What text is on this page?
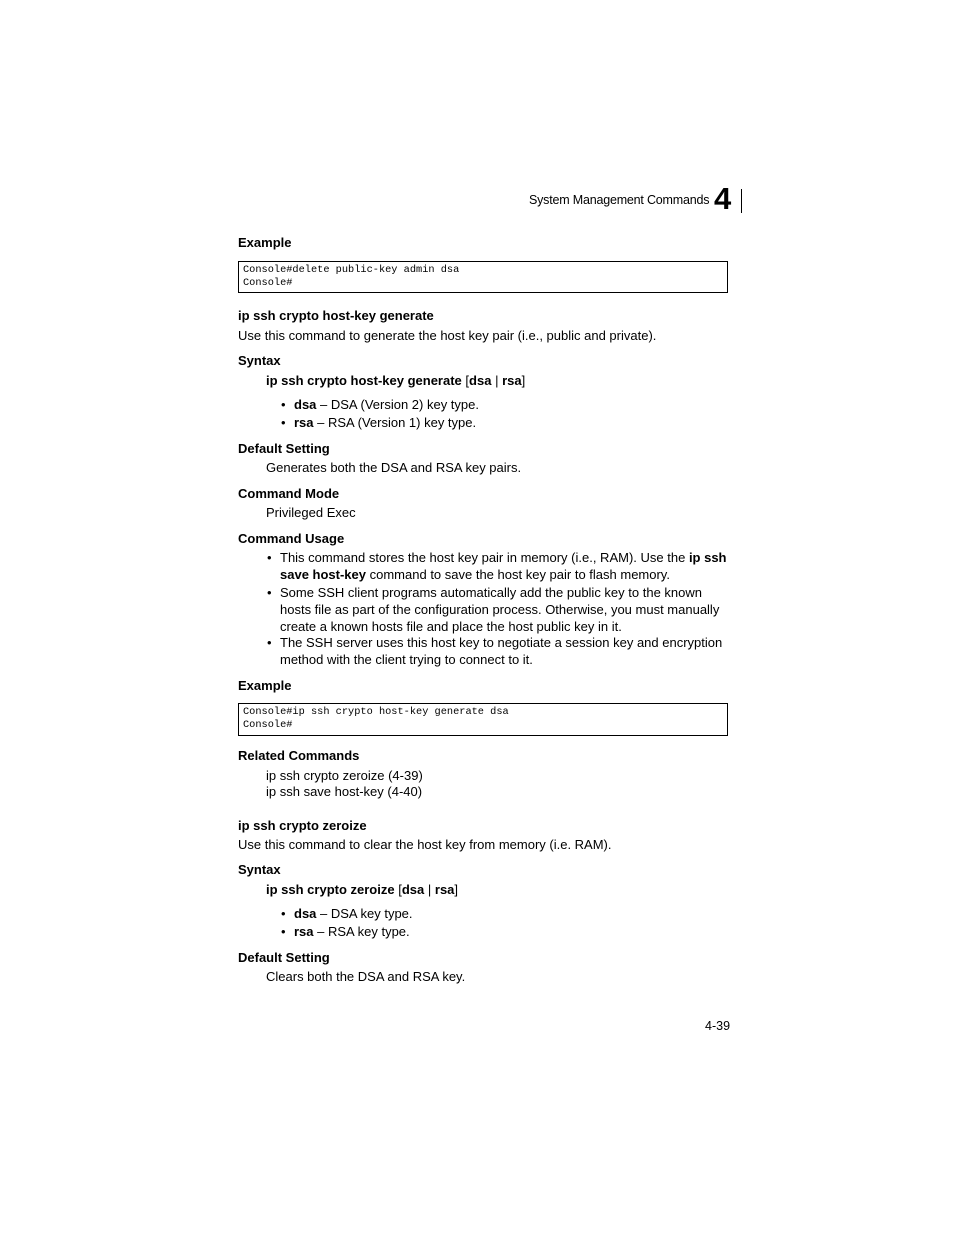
System Management Commands 4
Example
Console#delete public-key admin dsa
Console#
ip ssh crypto host-key generate
Use this command to generate the host key pair (i.e., public and private).
Syntax
ip ssh crypto host-key generate [dsa | rsa]
• dsa – DSA (Version 2) key type.
• rsa – RSA (Version 1) key type.
Default Setting
Generates both the DSA and RSA key pairs.
Command Mode
Privileged Exec
Command Usage
• This command stores the host key pair in memory (i.e., RAM). Use the ip ssh save host-key command to save the host key pair to flash memory.
• Some SSH client programs automatically add the public key to the known hosts file as part of the configuration process. Otherwise, you must manually create a known hosts file and place the host public key in it.
• The SSH server uses this host key to negotiate a session key and encryption method with the client trying to connect to it.
Example
Console#ip ssh crypto host-key generate dsa
Console#
Related Commands
ip ssh crypto zeroize (4-39)
ip ssh save host-key (4-40)
ip ssh crypto zeroize
Use this command to clear the host key from memory (i.e. RAM).
Syntax
ip ssh crypto zeroize [dsa | rsa]
• dsa – DSA key type.
• rsa – RSA key type.
Default Setting
Clears both the DSA and RSA key.
4-39
